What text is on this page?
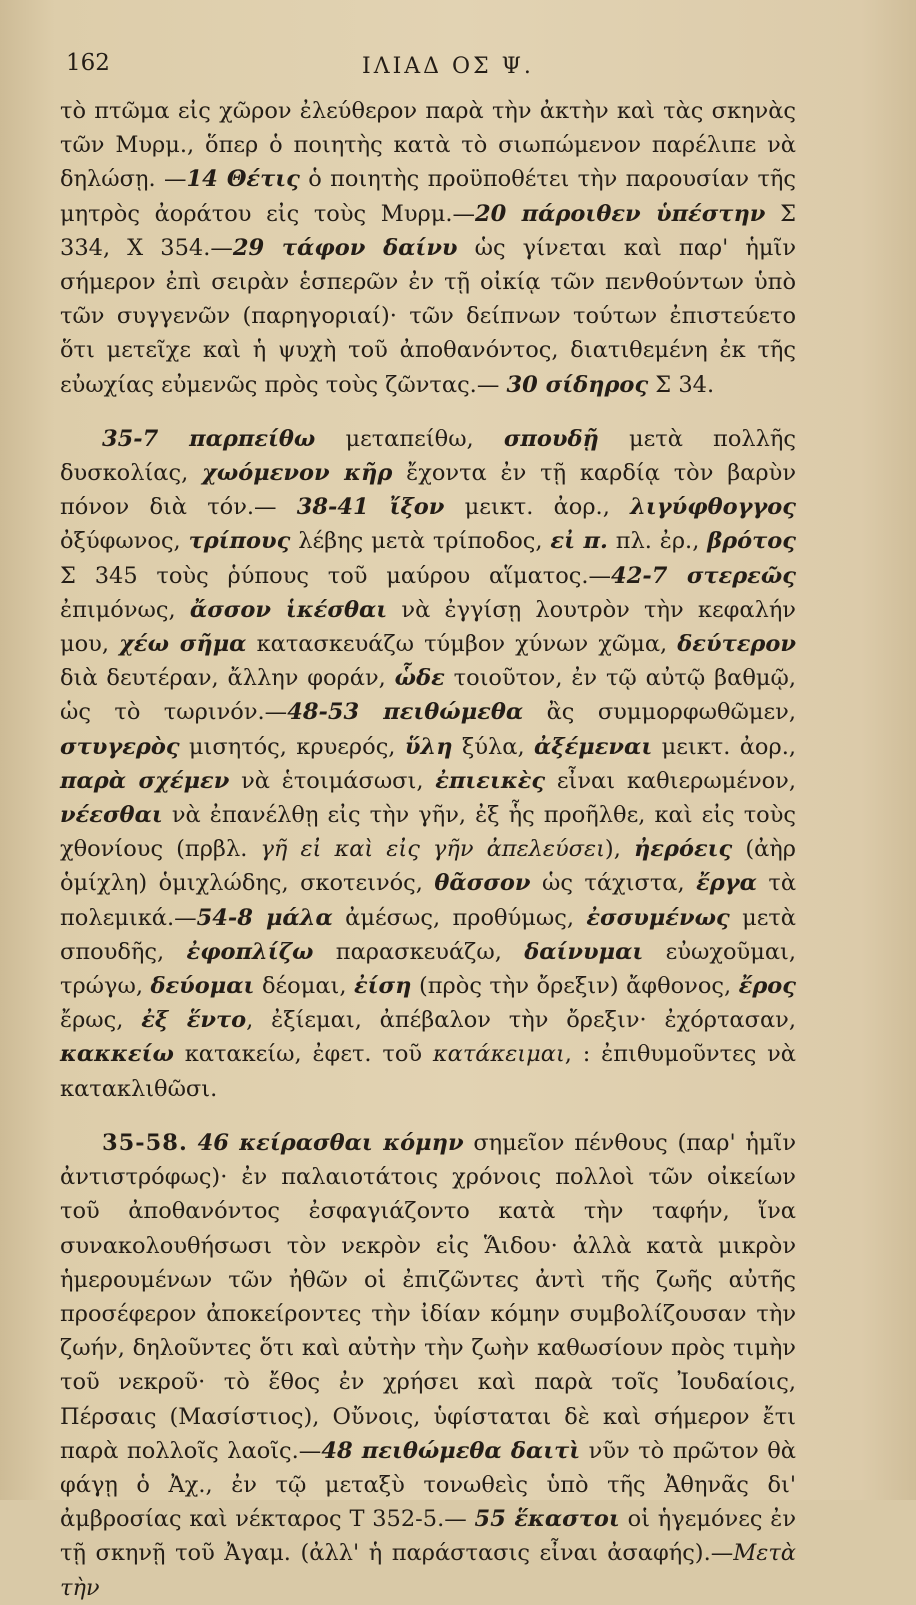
162	ΙΛΙΑΔ ΟΣ Ψ.

τὸ πτῶμα εἰς χῶρον ἐλεύθερον παρὰ τὴν ἀκτὴν καὶ τὰς σκηνὰς τῶν Μυρμ., ὅπερ ὁ ποιητὴς κατὰ τὸ σιωπώμενον παρέλιπε νὰ δηλώσῃ. —14 Θέτις ὁ ποιητὴς προϋποθέτει τὴν παρουσίαν τῆς μητρὸς ἀοράτου εἰς τοὺς Μυρμ.—20 πάροιθεν ὑπέστην Σ 334, Χ 354.—29 τάφον δαίνυ ὡς γίνεται καὶ παρ' ἡμῖν σήμερον ἐπὶ σειρὰν ἑσπερῶν ἐν τῇ οἰκίᾳ τῶν πενθούντων ὑπὸ τῶν συγγενῶν (παρηγοριαί)· τῶν δείπνων τούτων ἐπιστεύετο ὅτι μετεῖχε καὶ ἡ ψυχὴ τοῦ ἀποθανόντος, διατιθεμένη ἐκ τῆς εὐωχίας εὐμενῶς πρὸς τοὺς ζῶντας.— 30 σίδηρος Σ 34.

35-7 παρπείθω μεταπείθω, σπουδῇ μετὰ πολλῆς δυσκολίας, χωόμενον κῆρ ἔχοντα ἐν τῇ καρδίᾳ τὸν βαρὺν πόνον διὰ τόν.— 38-41 ἴξον μεικτ. ἀορ., λιγύφθογγος ὀξύφωνος, τρίπους λέβης μετὰ τρίποδος, εἰ π. πλ. ἐρ., βρότος Σ 345 τοὺς ῥύπους τοῦ μαύρου αἵματος.—42-7 στερεῶς ἐπιμόνως, ἄσσον ἱκέσθαι νὰ ἐγγίσῃ λουτρὸν τὴν κεφαλήν μου, χέω σῆμα κατασκευάζω τύμβον χύνων χῶμα, δεύτερον διὰ δευτέραν, ἄλλην φοράν, ὧδε τοιοῦτον, ἐν τῷ αὐτῷ βαθμῷ, ὡς τὸ τωρινόν.—48-53 πειθώμεθα ἂς συμμορφωθῶμεν, στυγερὸς μισητός, κρυερός, ὕλη ξύλα, ἀξέμεναι μεικτ. ἀορ., παρὰ σχέμεν νὰ ἑτοιμάσωσι, ἐπιεικὲς εἶναι καθιερωμένον, νέεσθαι νὰ ἐπανέλθῃ εἰς τὴν γῆν, ἐξ ἧς προῆλθε, καὶ εἰς τοὺς χθονίους (πρβλ. γῆ εἰ καὶ εἰς γῆν ἀπελεύσει), ἠερόεις (ἀὴρ ὁμίχλη) ὁμιχλώδης, σκοτεινός, θᾶσσον ὡς τάχιστα, ἔργα τὰ πολεμικά.—54-8 μάλα ἀμέσως, προθύμως, ἐσσυμένως μετὰ σπουδῆς, ἐφοπλίζω παρασκευάζω, δαίνυμαι εὐωχοῦμαι, τρώγω, δεύομαι δέομαι, ἐίση (πρὸς τὴν ὄρεξιν) ἄφθονος, ἔρος ἔρως, ἐξ ἕντο, ἐξίεμαι, ἀπέβαλον τὴν ὄρεξιν· ἐχόρτασαν, κακκείω κατακείω, ἐφετ. τοῦ κατάκειμαι, : ἐπιθυμοῦντες νὰ κατακλιθῶσι.

35-58. 46 κείρασθαι κόμην σημεῖον πένθους (παρ' ἡμῖν ἀντιστρόφως)· ἐν παλαιοτάτοις χρόνοις πολλοὶ τῶν οἰκείων τοῦ ἀποθανόντος ἐσφαγιάζοντο κατὰ τὴν ταφήν, ἵνα συνακολουθήσωσι τὸν νεκρὸν εἰς Ἅιδου· ἀλλὰ κατὰ μικρὸν ἡμερουμένων τῶν ἠθῶν οἱ ἐπιζῶντες ἀντὶ τῆς ζωῆς αὐτῆς προσέφερον ἀποκείροντες τὴν ἰδίαν κόμην συμβολίζουσαν τὴν ζωήν, δηλοῦντες ὅτι καὶ αὐτὴν τὴν ζωὴν καθωσίουν πρὸς τιμὴν τοῦ νεκροῦ· τὸ ἔθος ἐν χρήσει καὶ παρὰ τοῖς Ἰουδαίοις, Πέρσαις (Μασίστιος), Οὔνοις, ὑφίσταται δὲ καὶ σήμερον ἔτι παρὰ πολλοῖς λαοῖς.—48 πειθώμεθα δαιτὶ νῦν τὸ πρῶτον θὰ φάγῃ ὁ Ἀχ., ἐν τῷ μεταξὺ τονωθεὶς ὑπὸ τῆς Ἀθηνᾶς δι' ἀμβροσίας καὶ νέκταρος Τ 352-5.— 55 ἕκαστοι οἱ ἡγεμόνες ἐν τῇ σκηνῇ τοῦ Ἀγαμ. (ἀλλ' ἡ παράστασις εἶναι ἀσαφής).—Μετὰ τὴν
